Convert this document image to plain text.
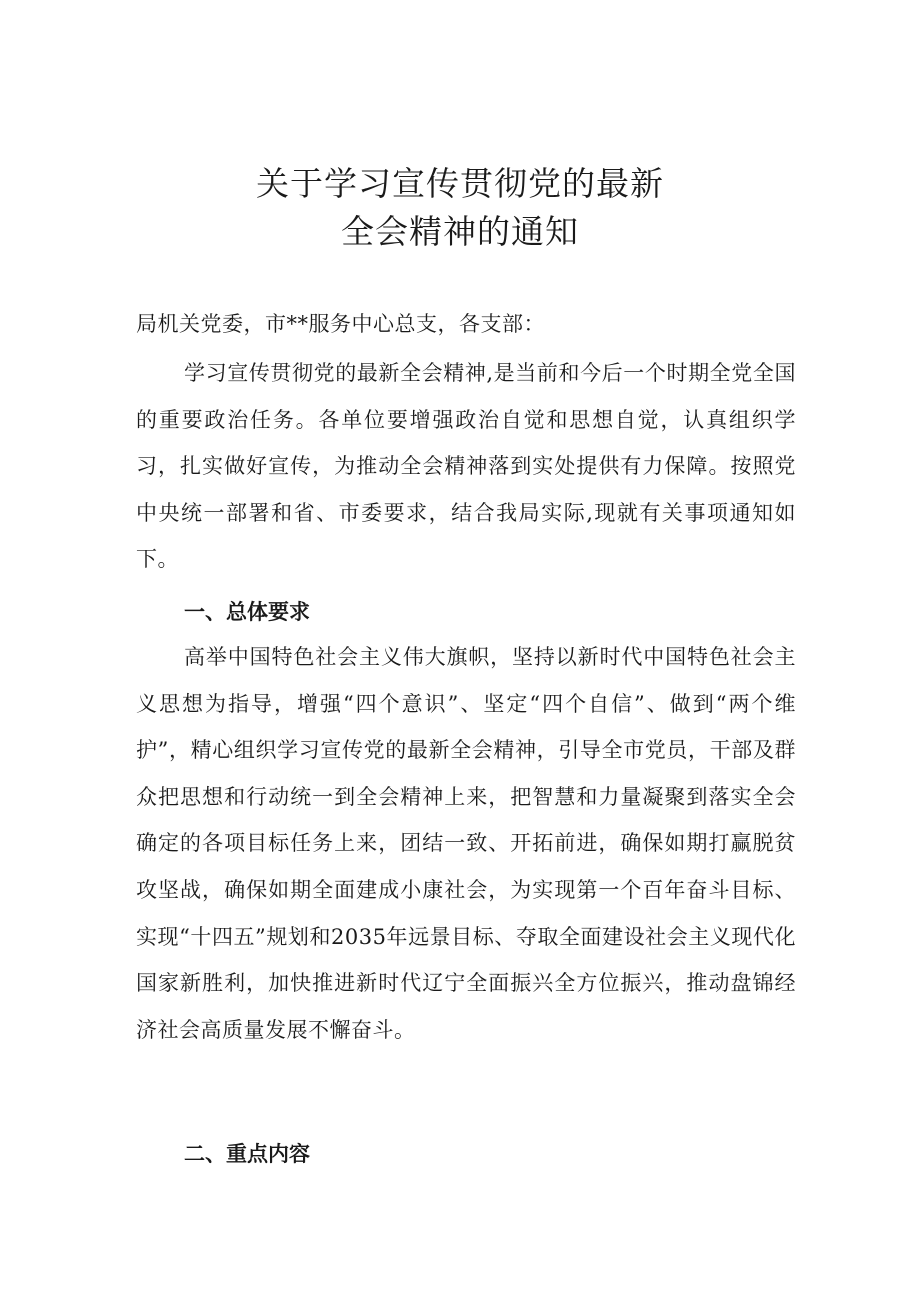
关于学习宣传贯彻党的最新
全会精神的通知

局机关党委，市**服务中心总支，各支部：

学习宣传贯彻党的最新全会精神,是当前和今后一个时期全党全国的重要政治任务。各单位要增强政治自觉和思想自觉，认真组织学习，扎实做好宣传，为推动全会精神落到实处提供有力保障。按照党中央统一部署和省、市委要求，结合我局实际,现就有关事项通知如下。

一、总体要求

高举中国特色社会主义伟大旗帜，坚持以新时代中国特色社会主义思想为指导，增强“四个意识”、坚定“四个自信”、做到“两个维护”，精心组织学习宣传党的最新全会精神，引导全市党员，干部及群众把思想和行动统一到全会精神上来，把智慧和力量凝聚到落实全会确定的各项目标任务上来，团结一致、开拓前进，确保如期打赢脱贫攻坚战，确保如期全面建成小康社会，为实现第一个百年奋斗目标、实现“十四五”规划和2035年远景目标、夺取全面建设社会主义现代化国家新胜利，加快推进新时代辽宁全面振兴全方位振兴，推动盘锦经济社会高质量发展不懈奋斗。

二、重点内容
